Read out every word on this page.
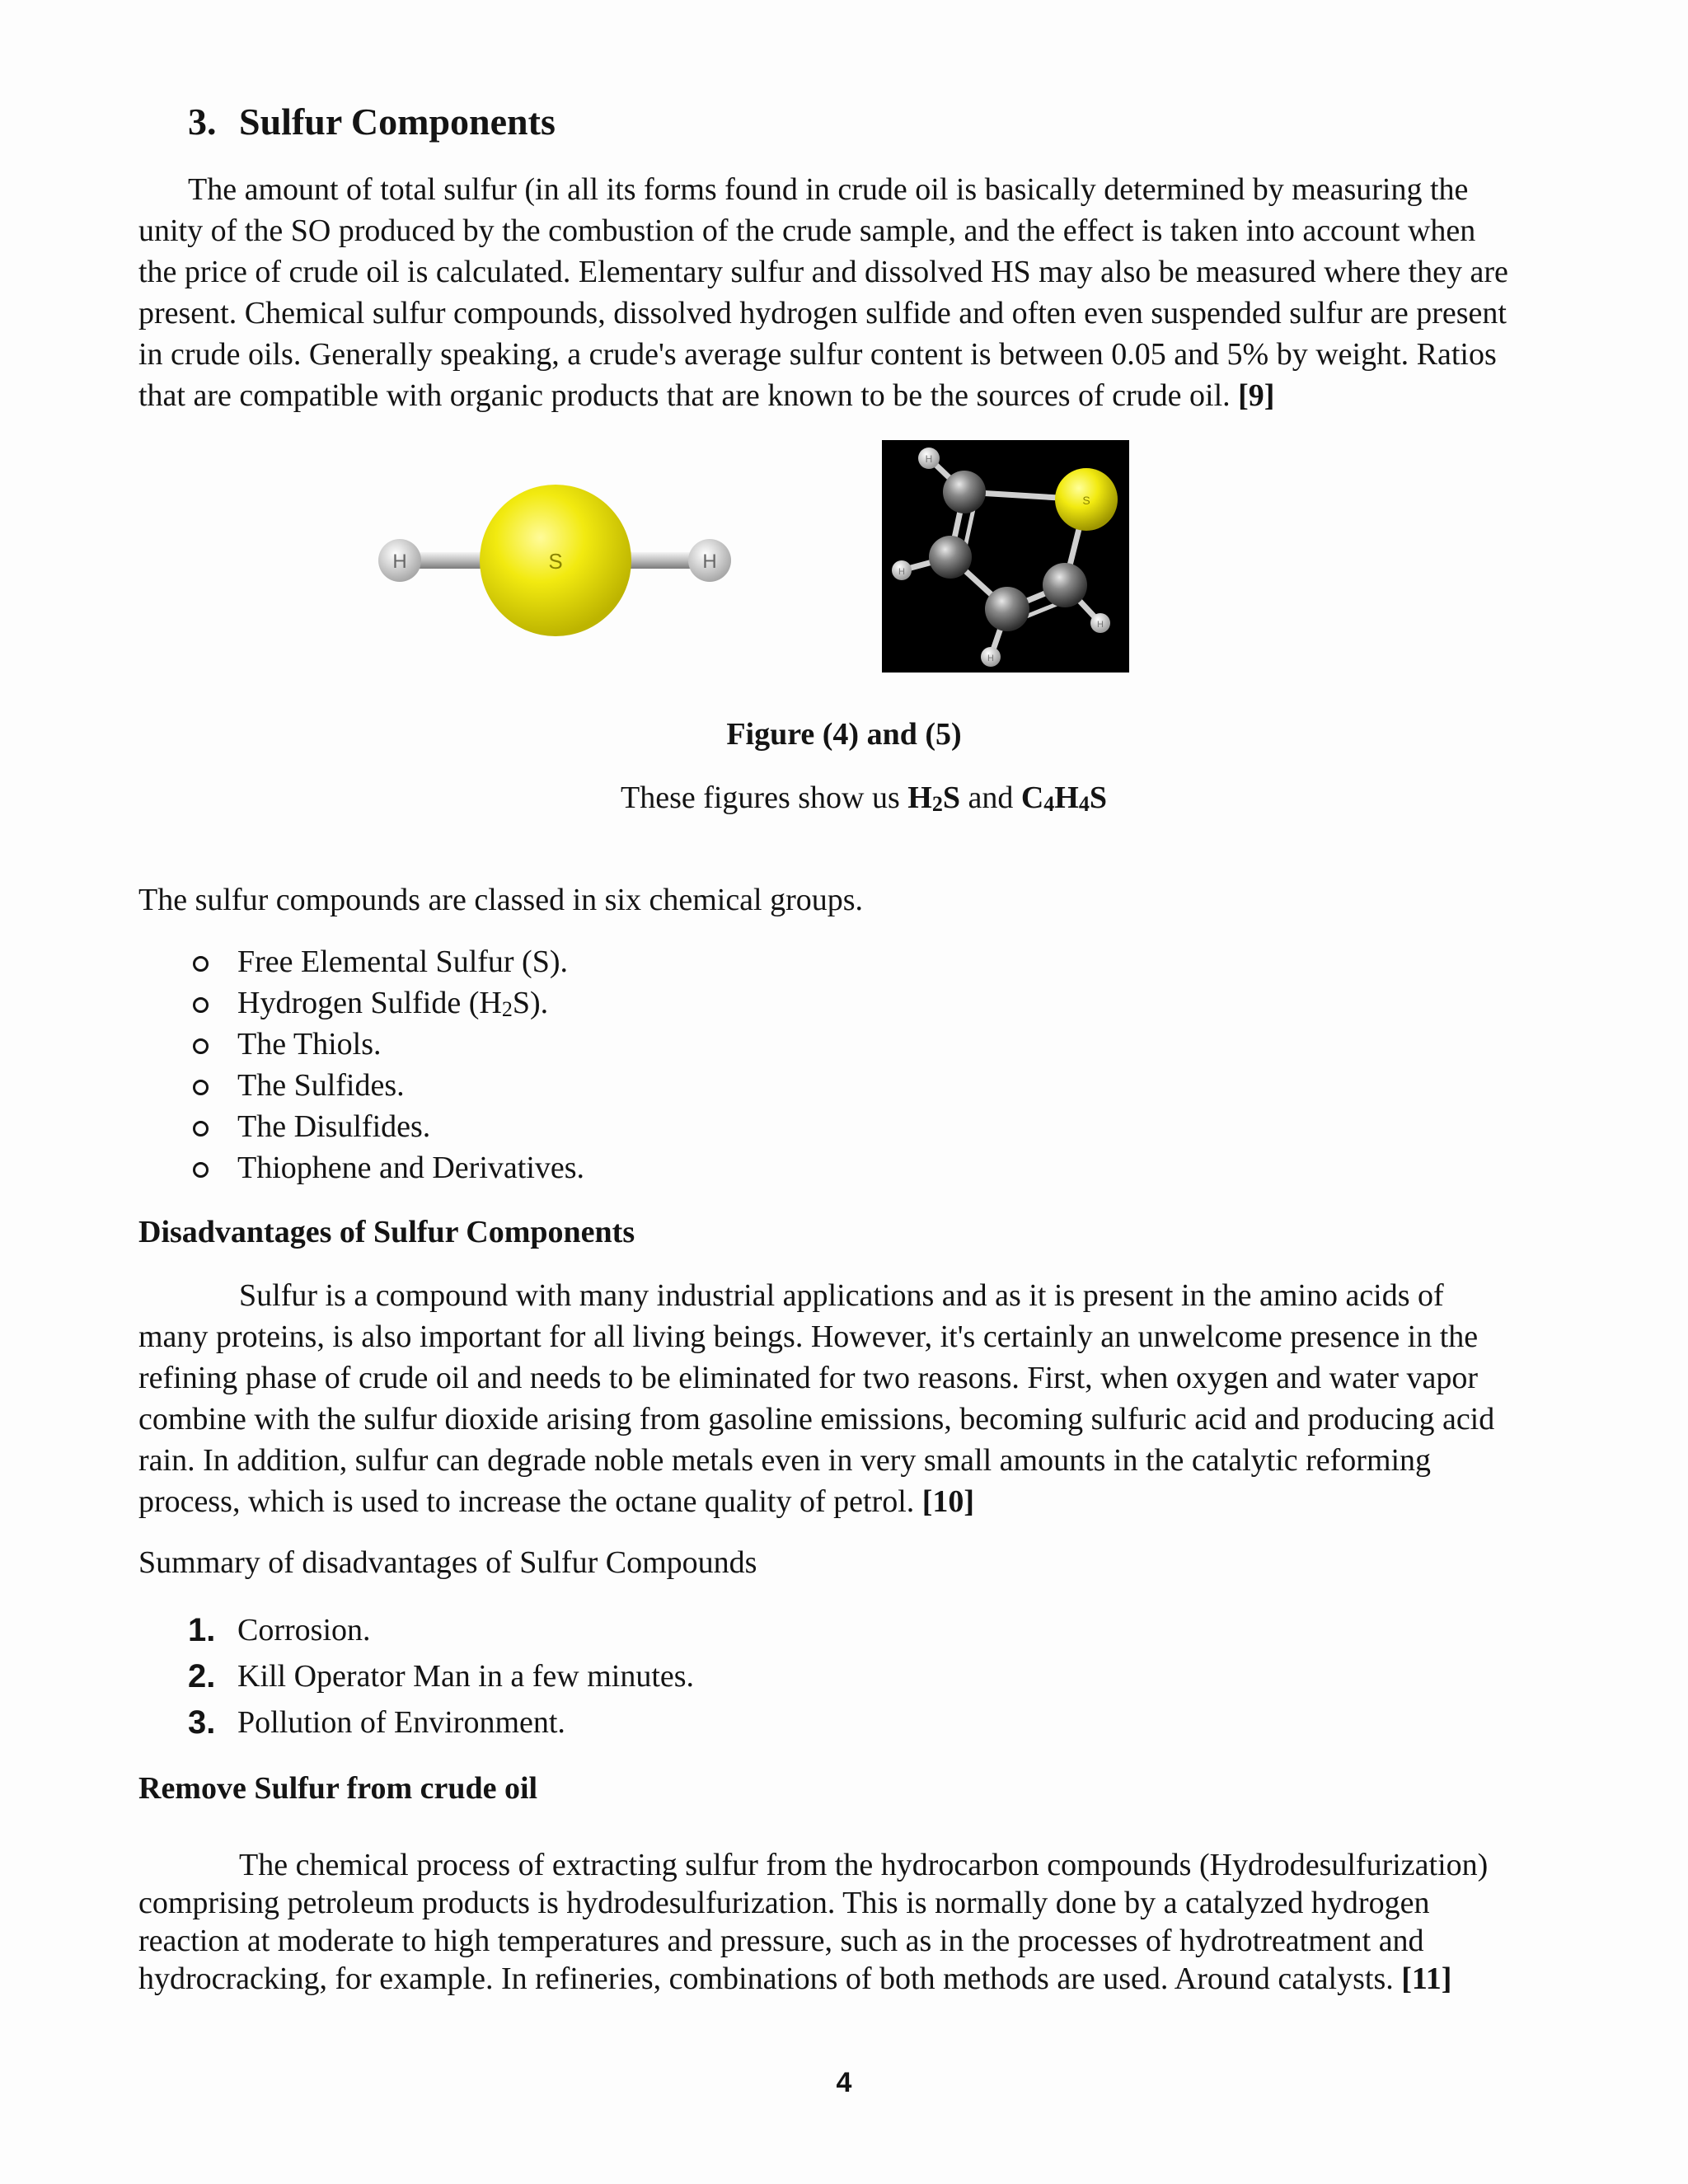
3. Sulfur Components
The amount of total sulfur (in all its forms found in crude oil is basically determined by measuring the
unity of the SO produced by the combustion of the crude sample, and the effect is taken into account when
the price of crude oil is calculated. Elementary sulfur and dissolved HS may also be measured where they are
present. Chemical sulfur compounds, dissolved hydrogen sulfide and often even suspended sulfur are present
in crude oils. Generally speaking, a crude's average sulfur content is between 0.05 and 5% by weight. Ratios
that are compatible with organic products that are known to be the sources of crude oil. [9]
H	H
S
S
H
H
H
H
Figure (4) and (5)
These figures show us $H_2S$ and $C_4H_4S$

The sulfur compounds are classed in six chemical groups.

Free Elemental Sulfur (S).
Hydrogen Sulfide $(H_2S)$.
The Thiols.
The Sulfides.
The Disulfides.
Thiophene and Derivatives.
Disadvantages of Sulfur Components
Sulfur is a compound with many industrial applications and as it is present in the amino acids of
many proteins, is also important for all living beings. However, it's certainly an unwelcome presence in the
refining phase of crude oil and needs to be eliminated for two reasons. First, when oxygen and water vapor
combine with the sulfur dioxide arising from gasoline emissions, becoming sulfuric acid and producing acid
rain. In addition, sulfur can degrade noble metals even in very small amounts in the catalytic reforming
process, which is used to increase the octane quality of petrol. [10]

Summary of disadvantages of Sulfur Compounds

1. Corrosion.
2. Kill Operator Man in a few minutes.
3. Pollution of Environment.
Remove Sulfur from crude oil
The chemical process of extracting sulfur from the hydrocarbon compounds (Hydrodesulfurization)
comprising petroleum products is hydrodesulfurization. This is normally done by a catalyzed hydrogen
reaction at moderate to high temperatures and pressure, such as in the processes of hydrotreatment and
hydrocracking, for example. In refineries, combinations of both methods are used. Around catalysts. [11]
4
